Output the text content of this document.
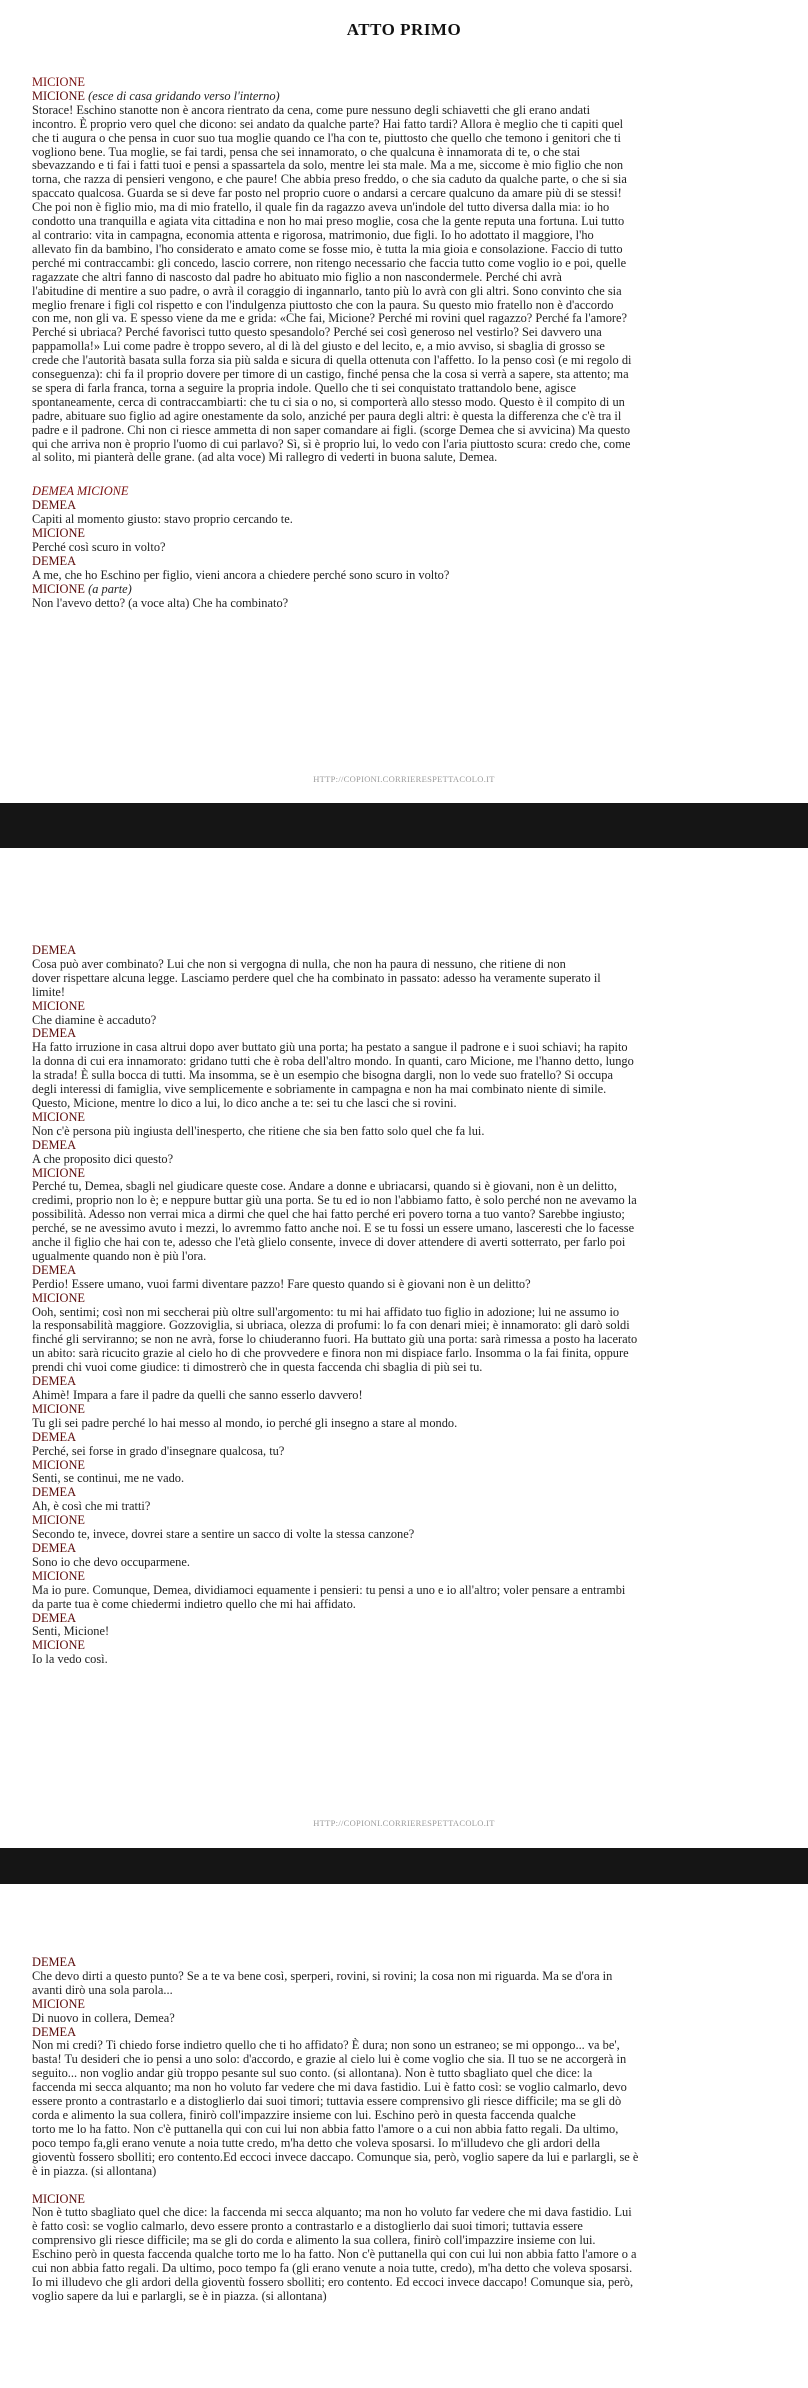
ATTO PRIMO
MICIONE
MICIONE (esce di casa gridando verso l'interno)
Storace! Eschino stanotte non è ancora rientrato da cena, come pure nessuno degli schiavetti che gli erano andati
incontro. È proprio vero quel che dicono: sei andato da qualche parte? Hai fatto tardi? Allora è meglio che ti capiti quel
che ti augura o che pensa in cuor suo tua moglie quando ce l'ha con te, piuttosto che quello che temono i genitori che ti
vogliono bene. Tua moglie, se fai tardi, pensa che sei innamorato, o che qualcuna è innamorata di te, o che stai
sbevazzando e ti fai i fatti tuoi e pensi a spassartela da solo, mentre lei sta male. Ma a me, siccome è mio figlio che non
torna, che razza di pensieri vengono, e che paure! Che abbia preso freddo, o che sia caduto da qualche parte, o che si sia
spaccato qualcosa. Guarda se si deve far posto nel proprio cuore o andarsi a cercare qualcuno da amare più di se stessi!
Che poi non è figlio mio, ma di mio fratello, il quale fin da ragazzo aveva un'indole del tutto diversa dalla mia: io ho
condotto una tranquilla e agiata vita cittadina e non ho mai preso moglie, cosa che la gente reputa una fortuna. Lui tutto
al contrario: vita in campagna, economia attenta e rigorosa, matrimonio, due figli. Io ho adottato il maggiore, l'ho
allevato fin da bambino, l'ho considerato e amato come se fosse mio, è tutta la mia gioia e consolazione. Faccio di tutto
perché mi contraccambi: gli concedo, lascio correre, non ritengo necessario che faccia tutto come voglio io e poi, quelle
ragazzate che altri fanno di nascosto dal padre ho abituato mio figlio a non nascondermele. Perché chi avrà
l'abitudine di mentire a suo padre, o avrà il coraggio di ingannarlo, tanto più lo avrà con gli altri. Sono convinto che sia
meglio frenare i figli col rispetto e con l'indulgenza piuttosto che con la paura. Su questo mio fratello non è d'accordo
con me, non gli va. E spesso viene da me e grida: «Che fai, Micione? Perché mi rovini quel ragazzo? Perché fa l'amore?
Perché si ubriaca? Perché favorisci tutto questo spesandolo? Perché sei così generoso nel vestirlo? Sei davvero una
pappamolla!» Lui come padre è troppo severo, al di là del giusto e del lecito, e, a mio avviso, si sbaglia di grosso se
crede che l'autorità basata sulla forza sia più salda e sicura di quella ottenuta con l'affetto. Io la penso così (e mi regolo di
conseguenza): chi fa il proprio dovere per timore di un castigo, finché pensa che la cosa si verrà a sapere, sta attento; ma
se spera di farla franca, torna a seguire la propria indole. Quello che ti sei conquistato trattandolo bene, agisce
spontaneamente, cerca di contraccambiarti: che tu ci sia o no, si comporterà allo stesso modo. Questo è il compito di un
padre, abituare suo figlio ad agire onestamente da solo, anziché per paura degli altri: è questa la differenza che c'è tra il
padre e il padrone. Chi non ci riesce ammetta di non saper comandare ai figli. (scorge Demea che si avvicina) Ma questo
qui che arriva non è proprio l'uomo di cui parlavo? Sì, sì è proprio lui, lo vedo con l'aria piuttosto scura: credo che, come
al solito, mi pianterà delle grane. (ad alta voce) Mi rallegro di vederti in buona salute, Demea.
DEMEA MICIONE
DEMEA
Capiti al momento giusto: stavo proprio cercando te.
MICIONE
Perché così scuro in volto?
DEMEA
A me, che ho Eschino per figlio, vieni ancora a chiedere perché sono scuro in volto?
MICIONE (a parte)
Non l'avevo detto? (a voce alta) Che ha combinato?
HTTP://COPIONI.CORRIERESPETTACOLO.IT
DEMEA
Cosa può aver combinato? Lui che non si vergogna di nulla, che non ha paura di nessuno, che ritiene di non
dover rispettare alcuna legge. Lasciamo perdere quel che ha combinato in passato: adesso ha veramente superato il
limite!
MICIONE
Che diamine è accaduto?
DEMEA
Ha fatto irruzione in casa altrui dopo aver buttato giù una porta; ha pestato a sangue il padrone e i suoi schiavi; ha rapito
la donna di cui era innamorato: gridano tutti che è roba dell'altro mondo. In quanti, caro Micione, me l'hanno detto, lungo
la strada! È sulla bocca di tutti. Ma insomma, se è un esempio che bisogna dargli, non lo vede suo fratello? Si occupa
degli interessi di famiglia, vive semplicemente e sobriamente in campagna e non ha mai combinato niente di simile.
Questo, Micione, mentre lo dico a lui, lo dico anche a te: sei tu che lasci che si rovini.
MICIONE
Non c'è persona più ingiusta dell'inesperto, che ritiene che sia ben fatto solo quel che fa lui.
DEMEA
A che proposito dici questo?
MICIONE
Perché tu, Demea, sbagli nel giudicare queste cose. Andare a donne e ubriacarsi, quando si è giovani, non è un delitto,
credimi, proprio non lo è; e neppure buttar giù una porta. Se tu ed io non l'abbiamo fatto, è solo perché non ne avevamo la
possibilità. Adesso non verrai mica a dirmi che quel che hai fatto perché eri povero torna a tuo vanto? Sarebbe ingiusto;
perché, se ne avessimo avuto i mezzi, lo avremmo fatto anche noi. E se tu fossi un essere umano, lasceresti che lo facesse
anche il figlio che hai con te, adesso che l'età glielo consente, invece di dover attendere di averti sotterrato, per farlo poi
ugualmente quando non è più l'ora.
DEMEA
Perdio! Essere umano, vuoi farmi diventare pazzo! Fare questo quando si è giovani non è un delitto?
MICIONE
Ooh, sentimi; così non mi seccherai più oltre sull'argomento: tu mi hai affidato tuo figlio in adozione; lui ne assumo io
la responsabilità maggiore. Gozzoviglia, si ubriaca, olezza di profumi: lo fa con denari miei; è innamorato: gli darò soldi
finché gli serviranno; se non ne avrà, forse lo chiuderanno fuori. Ha buttato giù una porta: sarà rimessa a posto ha lacerato
un abito: sarà ricucito grazie al cielo ho di che provvedere e finora non mi dispiace farlo. Insomma o la fai finita, oppure
prendi chi vuoi come giudice: ti dimostrerò che in questa faccenda chi sbaglia di più sei tu.
DEMEA
Ahimè! Impara a fare il padre da quelli che sanno esserlo davvero!
MICIONE
Tu gli sei padre perché lo hai messo al mondo, io perché gli insegno a stare al mondo.
DEMEA
Perché, sei forse in grado d'insegnare qualcosa, tu?
MICIONE
Senti, se continui, me ne vado.
DEMEA
Ah, è così che mi tratti?
MICIONE
Secondo te, invece, dovrei stare a sentire un sacco di volte la stessa canzone?
DEMEA
Sono io che devo occuparmene.
MICIONE
Ma io pure. Comunque, Demea, dividiamoci equamente i pensieri: tu pensi a uno e io all'altro; voler pensare a entrambi
da parte tua è come chiedermi indietro quello che mi hai affidato.
DEMEA
Senti, Micione!
MICIONE
Io la vedo così.
HTTP://COPIONI.CORRIERESPETTACOLO.IT
DEMEA
Che devo dirti a questo punto? Se a te va bene così, sperperi, rovini, si rovini; la cosa non mi riguarda. Ma se d'ora in
avanti dirò una sola parola...
MICIONE
Di nuovo in collera, Demea?
DEMEA
Non mi credi? Ti chiedo forse indietro quello che ti ho affidato? È dura; non sono un estraneo; se mi oppongo... va be',
basta! Tu desideri che io pensi a uno solo: d'accordo, e grazie al cielo lui è come voglio che sia. Il tuo se ne accorgerà in
seguito... non voglio andar giù troppo pesante sul suo conto. (si allontana). Non è tutto sbagliato quel che dice: la
faccenda mi secca alquanto; ma non ho voluto far vedere che mi dava fastidio. Lui è fatto così: se voglio calmarlo, devo
essere pronto a contrastarlo e a distoglierlo dai suoi timori; tuttavia essere comprensivo gli riesce difficile; ma se gli dò
corda e alimento la sua collera, finirò coll'impazzire insieme con lui. Eschino però in questa faccenda qualche
torto me lo ha fatto. Non c'è puttanella qui con cui lui non abbia fatto l'amore o a cui non abbia fatto regali. Da ultimo,
poco tempo fa,gli erano venute a noia tutte credo, m'ha detto che voleva sposarsi. Io m'illudevo che gli ardori della
gioventù fossero sbolliti; ero contento.Ed eccoci invece daccapo. Comunque sia, però, voglio sapere da lui e parlargli, se è
è in piazza. (si allontana)
MICIONE
Non è tutto sbagliato quel che dice: la faccenda mi secca alquanto; ma non ho voluto far vedere che mi dava fastidio. Lui
è fatto così: se voglio calmarlo, devo essere pronto a contrastarlo e a distoglierlo dai suoi timori; tuttavia essere
comprensivo gli riesce difficile; ma se gli do corda e alimento la sua collera, finirò coll'impazzire insieme con lui.
Eschino però in questa faccenda qualche torto me lo ha fatto. Non c'è puttanella qui con cui lui non abbia fatto l'amore o a
cui non abbia fatto regali. Da ultimo, poco tempo fa (gli erano venute a noia tutte, credo), m'ha detto che voleva sposarsi.
Io mi illudevo che gli ardori della gioventù fossero sbolliti; ero contento. Ed eccoci invece daccapo! Comunque sia, però,
voglio sapere da lui e parlargli, se è in piazza. (si allontana)
